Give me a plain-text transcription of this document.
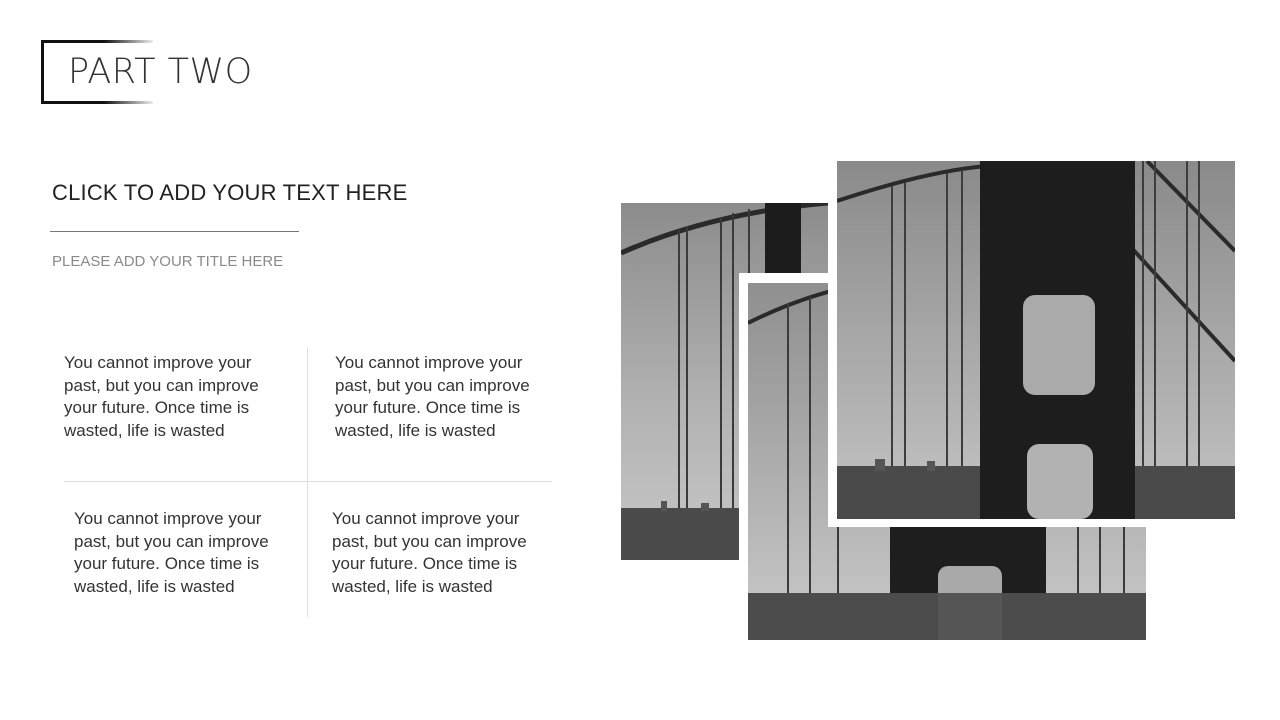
PART TWO
CLICK TO ADD YOUR TEXT HERE
PLEASE ADD YOUR TITLE HERE
You cannot improve your past, but you can improve your future. Once time is wasted, life is wasted
You cannot improve your past, but you can improve your future. Once time is wasted, life is wasted
You cannot improve your past, but you can improve your future. Once time is wasted, life is wasted
You cannot improve your past, but you can improve your future. Once time is wasted, life is wasted
